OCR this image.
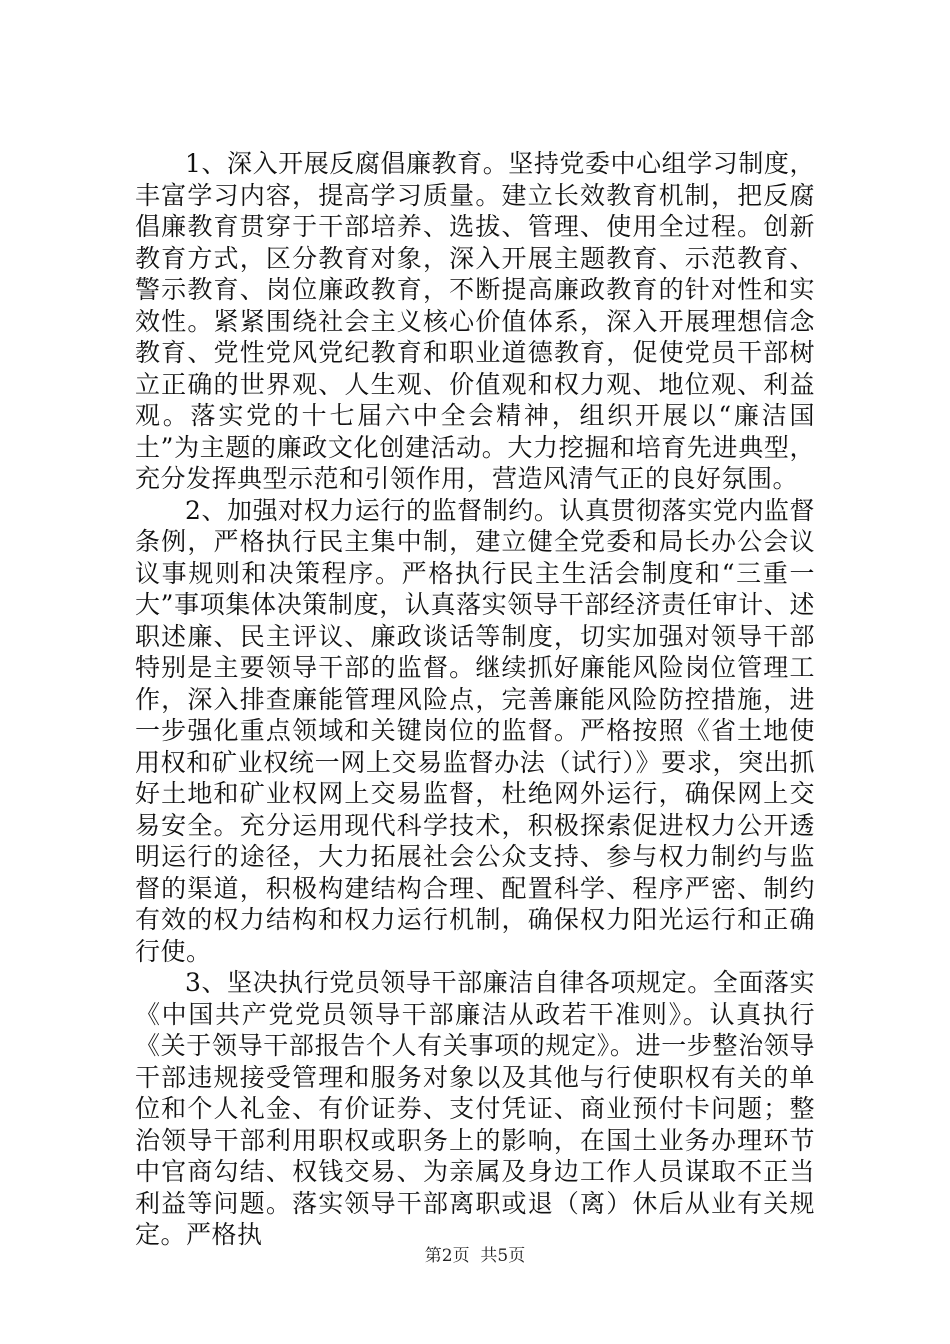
1、深入开展反腐倡廉教育。坚持党委中心组学习制度，丰富学习内容，提高学习质量。建立长效教育机制，把反腐倡廉教育贯穿于干部培养、选拔、管理、使用全过程。创新教育方式，区分教育对象，深入开展主题教育、示范教育、警示教育、岗位廉政教育，不断提高廉政教育的针对性和实效性。紧紧围绕社会主义核心价值体系，深入开展理想信念教育、党性党风党纪教育和职业道德教育，促使党员干部树立正确的世界观、人生观、价值观和权力观、地位观、利益观。落实党的十七届六中全会精神，组织开展以“廉洁国土”为主题的廉政文化创建活动。大力挖掘和培育先进典型，充分发挥典型示范和引领作用，营造风清气正的良好氛围。

2、加强对权力运行的监督制约。认真贯彻落实党内监督条例，严格执行民主集中制，建立健全党委和局长办公会议议事规则和决策程序。严格执行民主生活会制度和“三重一大”事项集体决策制度，认真落实领导干部经济责任审计、述职述廉、民主评议、廉政谈话等制度，切实加强对领导干部特别是主要领导干部的监督。继续抓好廉能风险岗位管理工作，深入排查廉能管理风险点，完善廉能风险防控措施，进一步强化重点领域和关键岗位的监督。严格按照《省土地使用权和矿业权统一网上交易监督办法（试行）》要求，突出抓好土地和矿业权网上交易监督，杜绝网外运行，确保网上交易安全。充分运用现代科学技术，积极探索促进权力公开透明运行的途径，大力拓展社会公众支持、参与权力制约与监督的渠道，积极构建结构合理、配置科学、程序严密、制约有效的权力结构和权力运行机制，确保权力阳光运行和正确行使。

3、坚决执行党员领导干部廉洁自律各项规定。全面落实《中国共产党党员领导干部廉洁从政若干准则》。认真执行《关于领导干部报告个人有关事项的规定》。进一步整治领导干部违规接受管理和服务对象以及其他与行使职权有关的单位和个人礼金、有价证券、支付凭证、商业预付卡问题；整治领导干部利用职权或职务上的影响，在国土业务办理环节中官商勾结、权钱交易、为亲属及身边工作人员谋取不正当利益等问题。落实领导干部离职或退（离）休后从业有关规定。严格执

第2页  共5页
